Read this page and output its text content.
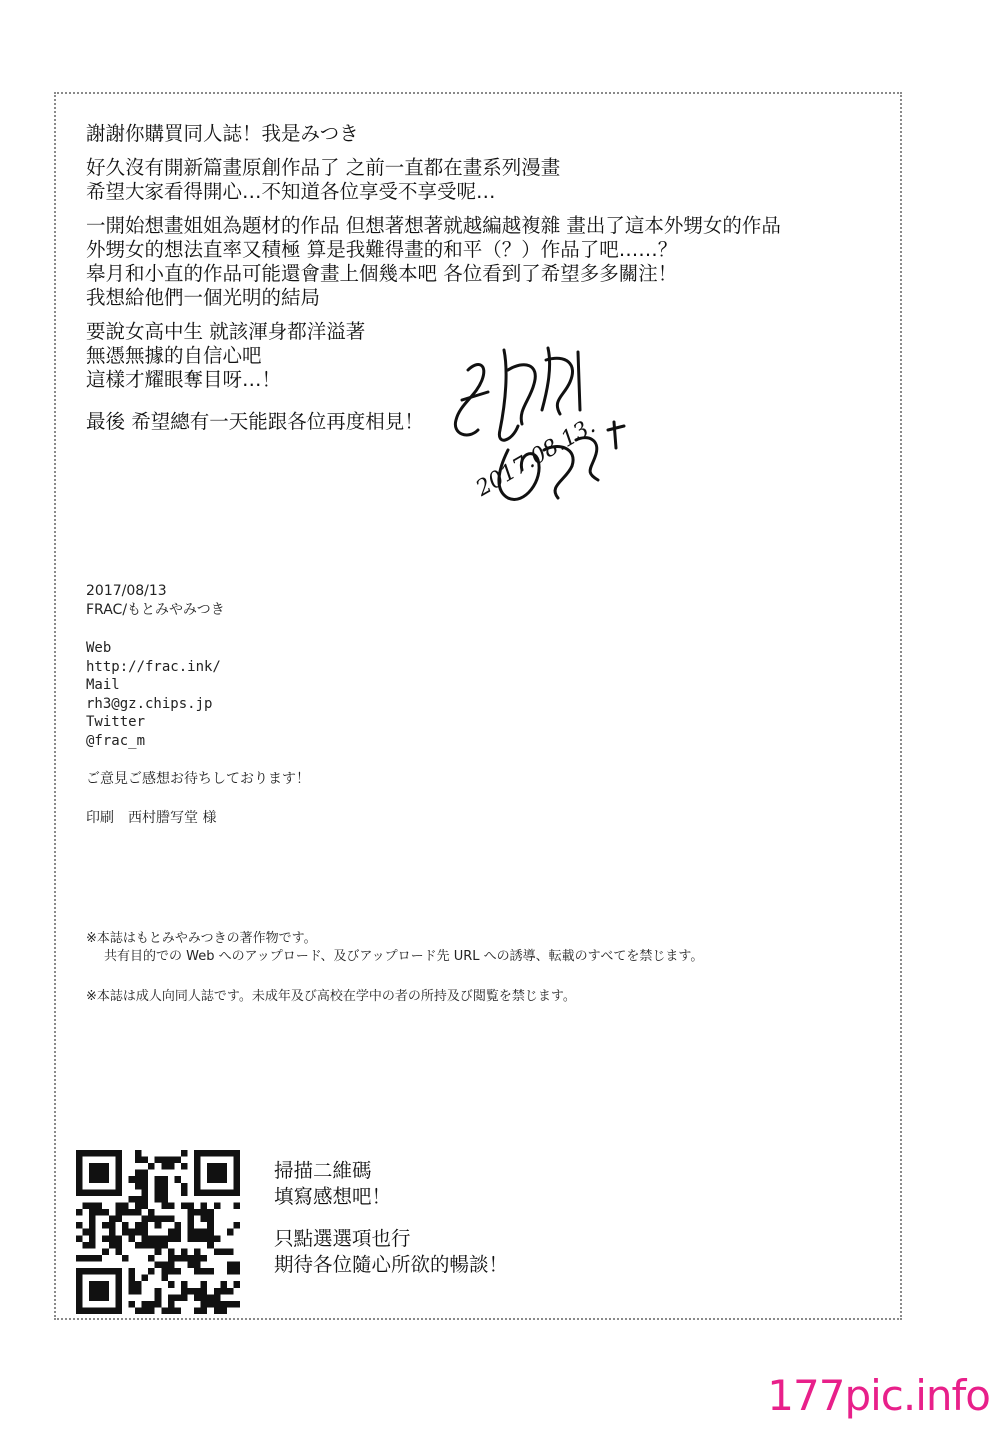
謝謝你購買同人誌！我是みつき
好久沒有開新篇畫原創作品了 之前一直都在畫系列漫畫
希望大家看得開心…不知道各位享受不享受呢…
一開始想畫姐姐為題材的作品 但想著想著就越編越複雜 畫出了這本外甥女的作品
外甥女的想法直率又積極 算是我難得畫的和平（？）作品了吧……？
皋月和小直的作品可能還會畫上個幾本吧 各位看到了希望多多關注！
我想給他們一個光明的結局
要說女高中生 就該渾身都洋溢著
無憑無據的自信心吧
這樣才耀眼奪目呀…！
最後 希望總有一天能跟各位再度相見！	2017.08.13.
2017/08/13
FRAC/もとみやみつき
Web
http://frac.ink/
Mail
rh3@gz.chips.jp
Twitter
@frac_m
ご意見ご感想お待ちしております！
印刷　西村謄写堂 様
※本誌はもとみやみつきの著作物です。
共有目的での Web へのアップロード、及びアップロード先 URL への誘導、転載のすべてを禁じます。
※本誌は成人向同人誌です。未成年及び高校在学中の者の所持及び閲覧を禁じます。
掃描二維碼
填寫感想吧！
只點選選項也行
期待各位隨心所欲的暢談！
177pic.info
